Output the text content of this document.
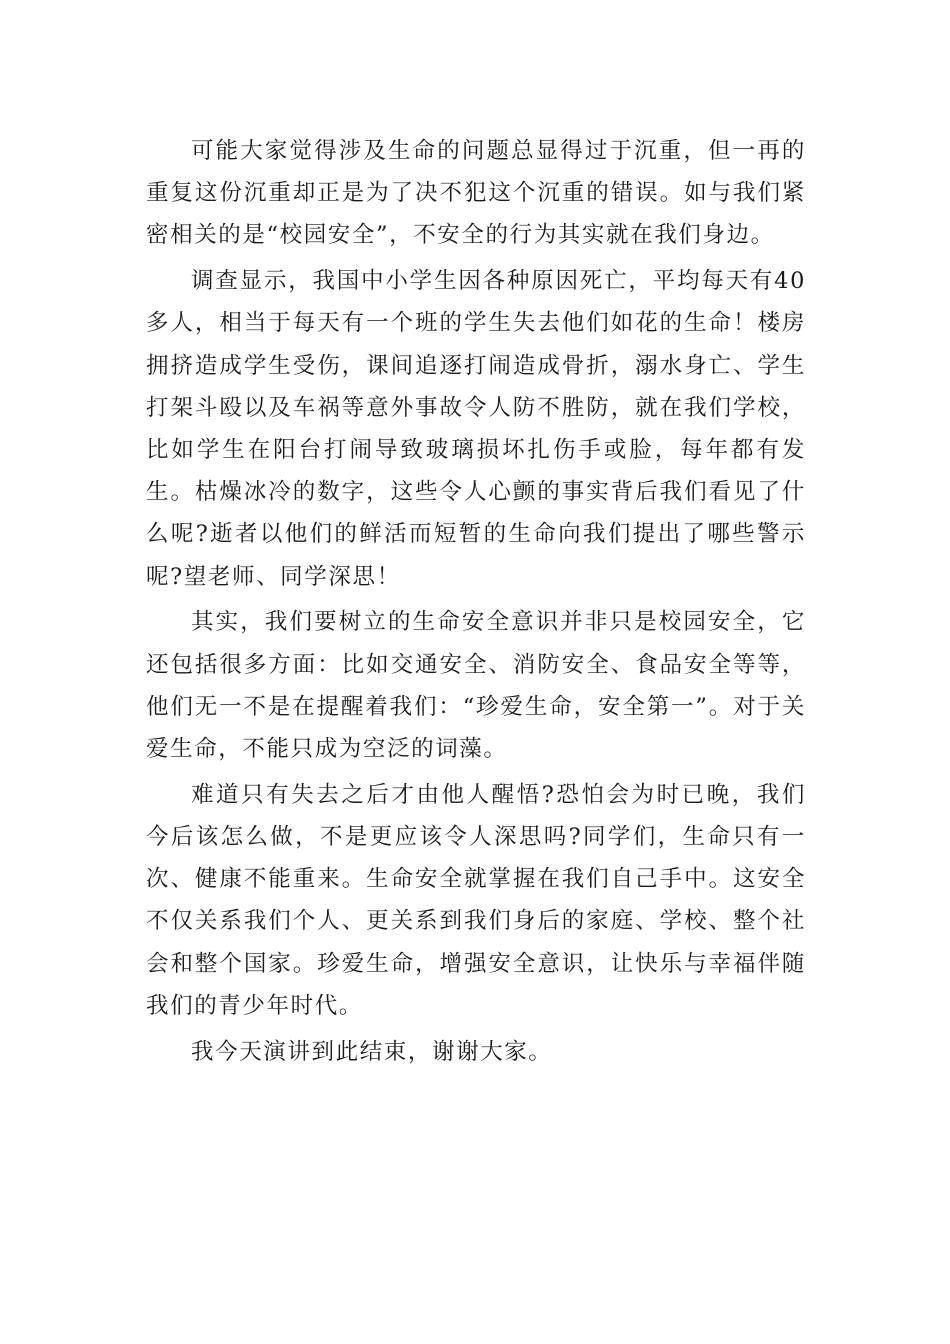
可能大家觉得涉及生命的问题总显得过于沉重，但一再的重复这份沉重却正是为了决不犯这个沉重的错误。如与我们紧密相关的是“校园安全”，不安全的行为其实就在我们身边。

调查显示，我国中小学生因各种原因死亡，平均每天有40多人，相当于每天有一个班的学生失去他们如花的生命！楼房拥挤造成学生受伤，课间追逐打闹造成骨折，溺水身亡、学生打架斗殴以及车祸等意外事故令人防不胜防，就在我们学校，比如学生在阳台打闹导致玻璃损坏扎伤手或脸，每年都有发生。枯燥冰冷的数字，这些令人心颤的事实背后我们看见了什么呢?逝者以他们的鲜活而短暂的生命向我们提出了哪些警示呢?望老师、同学深思！

其实，我们要树立的生命安全意识并非只是校园安全，它还包括很多方面：比如交通安全、消防安全、食品安全等等，他们无一不是在提醒着我们：“珍爱生命，安全第一”。对于关爱生命，不能只成为空泛的词藻。

难道只有失去之后才由他人醒悟?恐怕会为时已晚，我们今后该怎么做，不是更应该令人深思吗?同学们，生命只有一次、健康不能重来。生命安全就掌握在我们自己手中。这安全不仅关系我们个人、更关系到我们身后的家庭、学校、整个社会和整个国家。珍爱生命，增强安全意识，让快乐与幸福伴随我们的青少年时代。

我今天演讲到此结束，谢谢大家。
